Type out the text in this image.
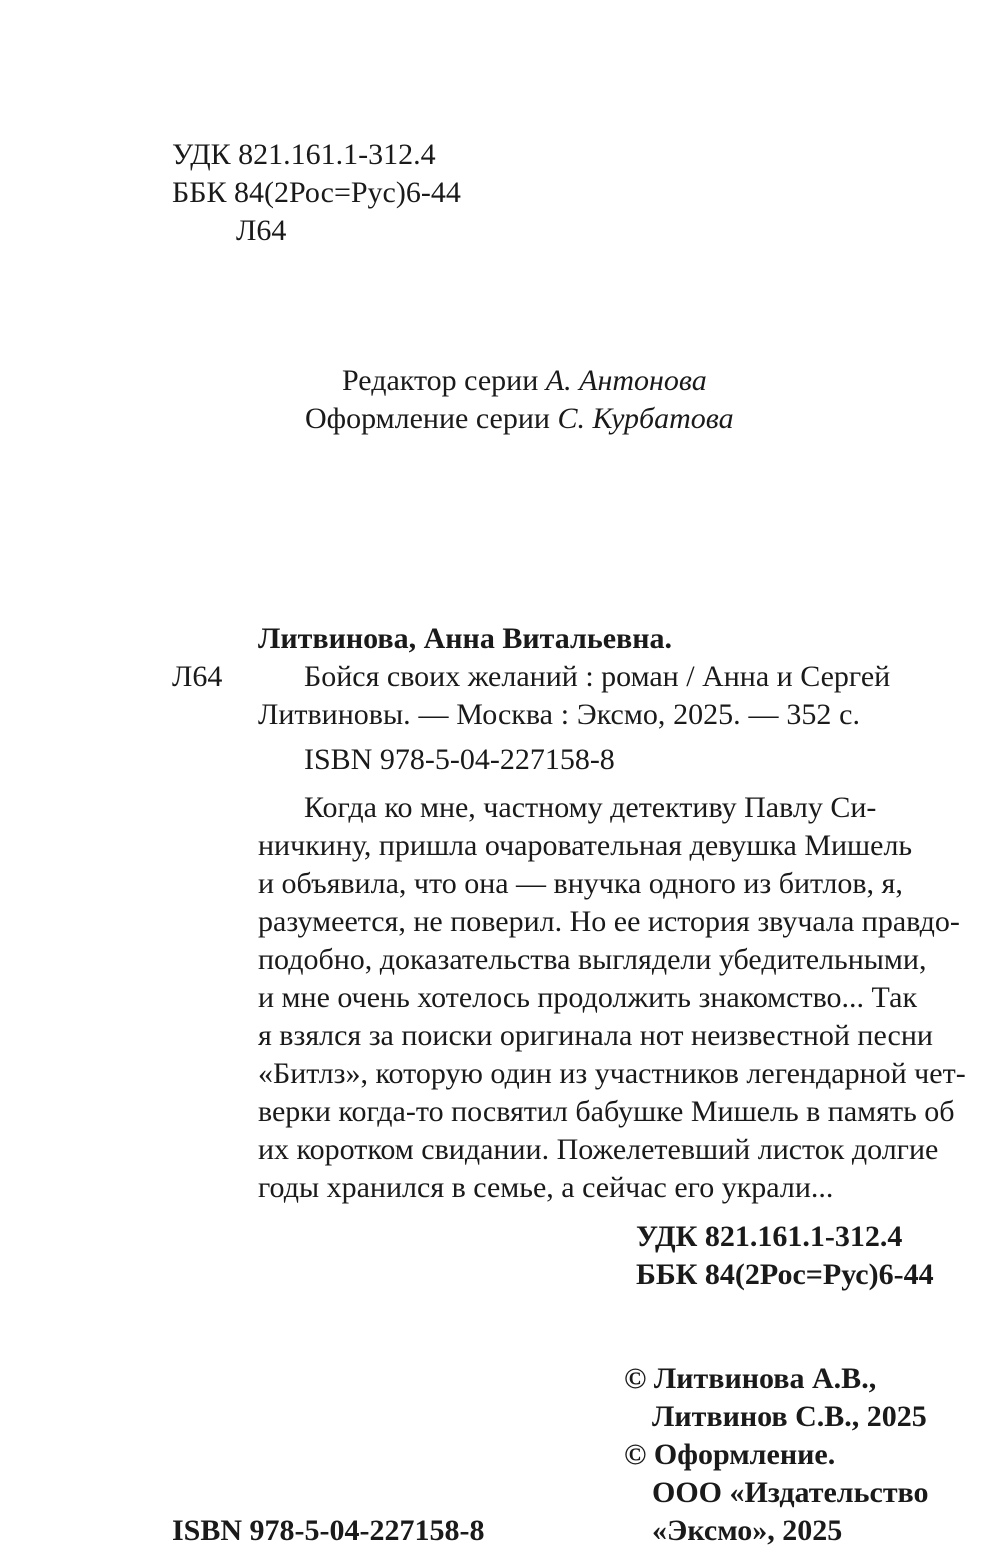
УДК 821.161.1-312.4
ББК 84(2Рос=Рус)6-44
Л64
Редактор серии А. Антонова
Оформление серии С. Курбатова
Литвинова, Анна Витальевна.
Л64	Бойся своих желаний : роман / Анна и Сергей
Литвиновы. — Москва : Эксмо, 2025. — 352 с.
ISBN 978-5-04-227158-8
Когда ко мне, частному детективу Павлу Си-
ничкину, пришла очаровательная девушка Мишель
и объявила, что она — внучка одного из битлов, я,
разумеется, не поверил. Но ее история звучала правдо-
подобно, доказательства выглядели убедительными,
и мне очень хотелось продолжить знакомство... Так
я взялся за поиски оригинала нот неизвестной песни
«Битлз», которую один из участников легендарной чет-
верки когда-то посвятил бабушке Мишель в память об
их коротком свидании. Пожелетевший листок долгие
годы хранился в семье, а сейчас его украли...
УДК 821.161.1-312.4
ББК 84(2Рос=Рус)6-44
© Литвинова А.В.,
Литвинов С.В., 2025
© Оформление.
ООО «Издательство
«Эксмо», 2025
ISBN 978-5-04-227158-8
